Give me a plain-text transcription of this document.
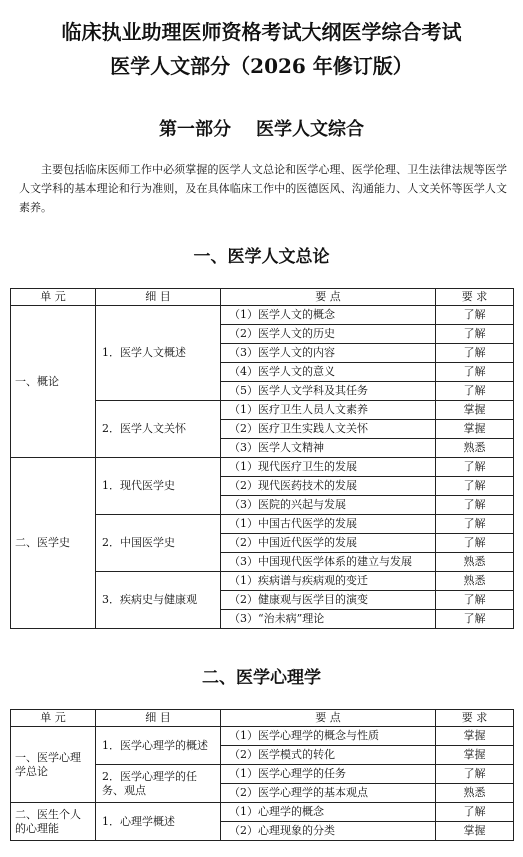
临床执业助理医师资格考试大纲医学综合考试
医学人文部分（2026 年修订版）
第一部分    医学人文综合
主要包括临床医师工作中必须掌握的医学人文总论和医学心理、医学伦理、卫生法律法规等医学人文学科的基本理论和行为准则，及在具体临床工作中的医德医风、沟通能力、人文关怀等医学人文素养。
一、医学人文总论
单 元	细 目	要 点	要 求
一、概论	1．医学人文概述	（1）医学人文的概念	了解
		（2）医学人文的历史	了解
		（3）医学人文的内容	了解
		（4）医学人文的意义	了解
		（5）医学人文学科及其任务	了解
	2．医学人文关怀	（1）医疗卫生人员人文素养	掌握
		（2）医疗卫生实践人文关怀	掌握
		（3）医学人文精神	熟悉
二、医学史	1．现代医学史	（1）现代医疗卫生的发展	了解
		（2）现代医药技术的发展	了解
		（3）医院的兴起与发展	了解
	2．中国医学史	（1）中国古代医学的发展	了解
		（2）中国近代医学的发展	了解
		（3）中国现代医学体系的建立与发展	熟悉
	3．疾病史与健康观	（1）疾病谱与疾病观的变迁	熟悉
		（2）健康观与医学目的演变	了解
		（3）“治未病”理论	了解
二、医学心理学
单 元	细 目	要 点	要 求
一、医学心理学总论	1．医学心理学的概述	（1）医学心理学的概念与性质	掌握
		（2）医学模式的转化	掌握
	2．医学心理学的任务、观点	（1）医学心理学的任务	了解
		（2）医学心理学的基本观点	熟悉
二、医生个人的心理能	1．心理学概述	（1）心理学的概念	了解
		（2）心理现象的分类	掌握
